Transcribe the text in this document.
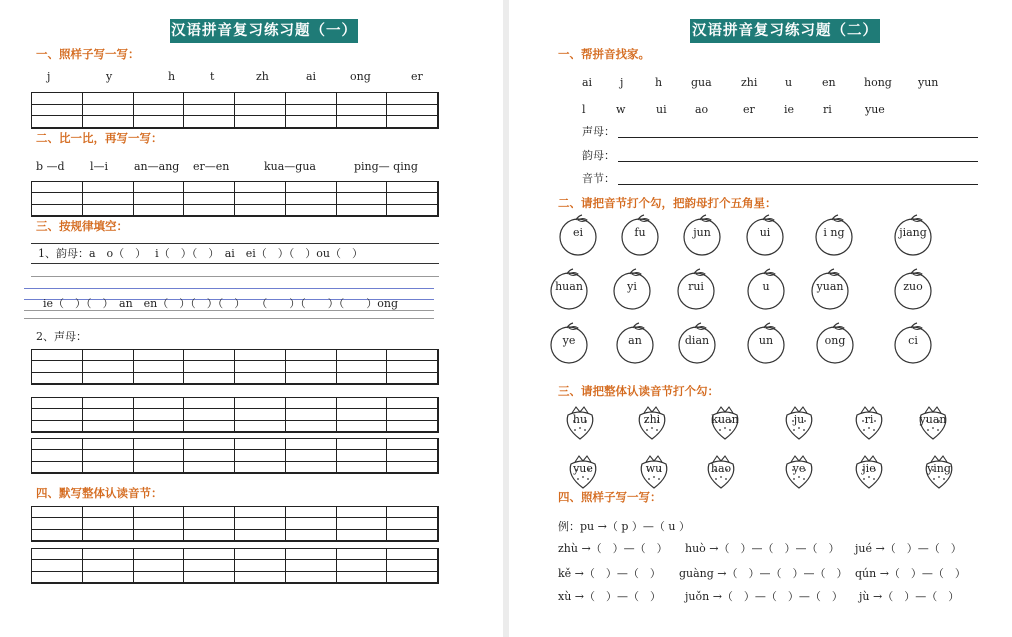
汉语拼音复习练习题（一）
一、照样子写一写：
j	y	h	t	zh	ai	ong	er
二、比一比，再写一写：
b —d l—i an—ang er—en	kua—gua	ping— qing
三、按规律填空：
1、韵母：a　o（　）　 i（　）（　）　ai　ei（　）（　）ou（　）
ie（　）（　）　an　en（　）（　）（　）　　（　　）（　　）（　　）ong
2、声母：
四、默写整体认读音节：
汉语拼音复习练习题（二）
一、帮拼音找家。
ai	j	h	gua	zhi	u	en	hong yun
l	w	ui	ao	er	ie	ri	yue
声母：
韵母：
音节：
二、请把音节打个勾，把韵母打个五角星：
ei	fu	jun	ui	i ng	jiang
huan	yi	rui	u	yuan	zuo
ye	an	dian	un	ong	ci
三、请把整体认读音节打个勾：
hu	zhi	kuan	ju	ri	yuan
yue	wu	hao	ye	jie	ying
四、照样子写一写：
例：pu →（ p ）—（ u ）
zhù →（　）—（　） huò →（　）—（　）—（　） jué →（　）—（　）
kě →（　）—（　） guàng →（　）—（　）—（　） qún →（　）—（　）
xù →（　）—（　） juǒn →（　）—（　）—（　） jù →（　）—（　）
